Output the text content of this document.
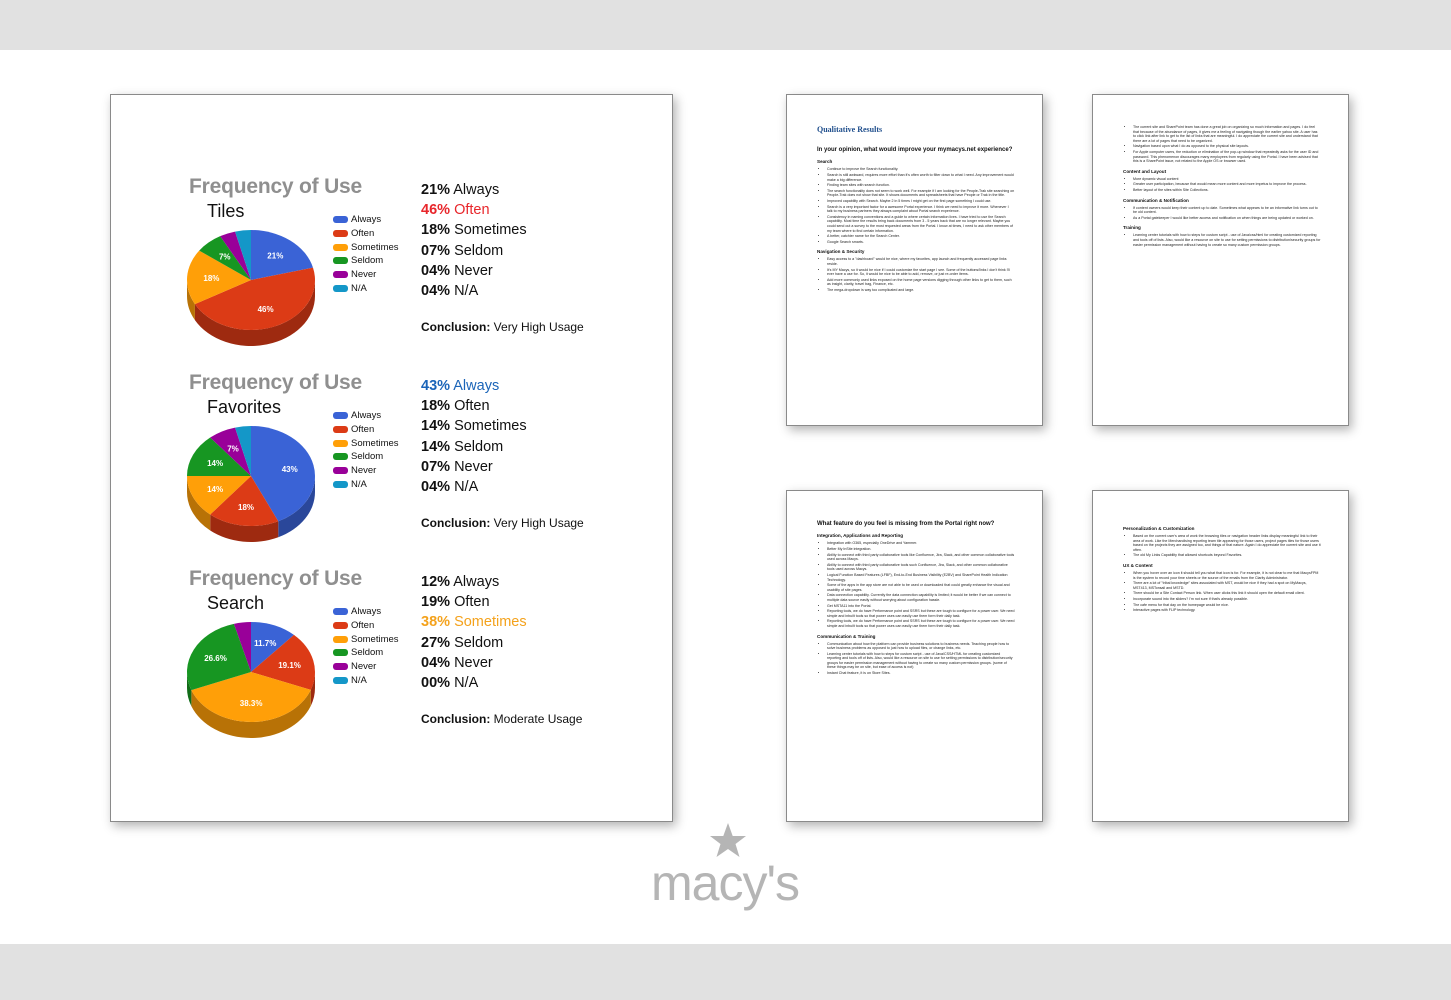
Frequency of Use
Tiles
21%
46%
18%
7%
Always
Often
Sometimes
Seldom
Never
N/A
21% Always
46% Often
18% Sometimes
07% Seldom
04% Never
04% N/A
Conclusion: Very High Usage
Frequency of Use
Favorites
43%
18%
14%
14%
7%
Always
Often
Sometimes
Seldom
Never
N/A
43% Always
18% Often
14% Sometimes
14% Seldom
07% Never
04% N/A
Conclusion: Very High Usage
Frequency of Use
Search
11.7%
19.1%
38.3%
26.6%
Always
Often
Sometimes
Seldom
Never
N/A
12% Always
19% Often
38% Sometimes
27% Seldom
04% Never
00% N/A
Conclusion: Moderate Usage
Qualitative Results
In your opinion, what would improve your mymacys.net experience?
Search
• Continue to improve the Search functionality.
• Search is still awkward, requires more effort than it's often worth to filter down to what I need. Any improvement would make a big difference.
• Finding team sites with search function.
• The search functionality does not seem to work well. For example if I am looking for the People-Trak site searching on People-Trak does not show that site. It shows documents and spreadsheets that have People or Trak in the title.
• Improved capability with Search. Maybe 2 in 5 times I might get on the first page something I could use.
• Search is a very important factor for a awesome Portal experience. I think we need to improve it more. Whenever I talk to my business partners they always complaint about Portal search experience.
• Consistency in naming conventions and a guide to where certain information lives. I have tried to use the Search capability. Most time the results bring back documents from 3 - 5 years back that are no longer relevant. Maybe you could send out a survey to the most requested areas from the Portal. I know at times, I need to ask other members of my team where to find certain information.
• A better, catchier name for the Search Center.
• Google Search smarts.
Navigation & Security
• Easy access to a "dashboard" would be nice, where my favorites, app launch and frequently accessed page links reside.
• It's MY Macys, so it would be nice if I could customize the start page I see. Some of the buttons/links I don't think I'll ever have a use for. So, it would be nice to be able to add, remove, or just re-order items.
• Add more commonly used links exposed on the home page versions digging through other links to get to them, such as insight, clarity, travel bag, Finance, etc.
• The mega-dropdown is way too complicated and large.
• The current site and SharePoint team has done a great job on organizing so much information and pages. I do feel that because of the abundance of pages, it gives me a feeling of navigating though the earlier yahoo site. A user has to click link after link to get to the list of links that are meaningful. I do appreciate the current site and understand that there are a lot of pages that need to be organized.
• Navigation based upon what I do as opposed to the physical site layouts.
• For Apple computer users, the reduction or elimination of the pop-up window that repeatedly asks for the user ID and password. This phenomenon discourages many employees from regularly using the Portal. I have been advised that this is a SharePoint issue, not related to the Apple OS or browser used.
Content and Layout
• More dynamic visual content
• Greater user participation, because that would mean more content and more impetus to improve the process.
• Better layout of the sites within Site Collections.
Communication & Notification
• If content owners would keep their content up to date. Sometimes what appears to be an informative link turns out to be old content.
• As a Portal gatekeeper I would like better access and notification on when things are being updated or worked on.
Training
• Learning center tutorials with how to steps for custom script - use of Java/css/html for creating customized reporting and tools off of lists. Also, would like a resource on site to use for setting permissions to distribution/security groups for easier permission management without having to create so many custom permission groups.
What feature do you feel is missing from the Portal right now?
Integration, Applications and Reporting
• Integration with O365, especially OneDrive and Yammer.
• Better My InSite integration.
• Ability to connect with third party collaborative tools like Confluence, Jira, Slack, and other common collaborative tools used across Macys.
• Ability to connect with third party collaborative tools such Confluence, Jira, Slack, and other common collaborative tools used across Macys.
• Logical Function Based Features (LFBF), End-to-End Business Visibility (E2BV) and SharePoint Health Indication Technology.
• Some of the apps in the app store are not able to be used or downloaded that could greatly enhance the visual and usability of site pages.
• Data connection capability. Currently the data connection capability is limited; it would be better if we can connect to multiple data source easily without worrying about configuration hassle.
• Get MSTA11 into the Portal.
• Reporting tools, we do have Performance point and SSRS but these are tough to configure for a power user. We need simple and inbuilt tools so that power uses can easily use them form their daily task.
• Reporting tools, we do have Performance point and SSRS but these are tough to configure for a power user. We need simple and inbuilt tools so that power uses can easily use them form their daily task.
Communication & Training
• Communication about how the platform can provide business solutions to business needs. Teaching people how to solve business problems as opposed to just how to upload files, or change links, etc.
• Learning center tutorials with how to steps for custom script - use of Java/CSS/HTML for creating customized reporting and tools off of lists. Also, would like a resource on site to use for setting permissions to distribution/security groups for easier permission management without having to create so many custom permission groups. (some of these things may be on site, but ease of access is not)
• Instant Chat feature, it is on Store Sites.
Personalization & Customization
• Based on the current user's area of work the browsing tiles or navigation header links display meaningful link to their area of work. Like the Merchandising reporting team tile appearing for those users, project pages tiles for those users based on the projects they are assigned too, and things of that nature. Again I do appreciate the current site and use it often.
• The old My Links Capability that allowed shortcuts beyond Favorites.
UX & Content
• When you hover over an icon it should tell you what that icon is for. For example, it is not clear to me that MacysFPM is the system to record your time sheets or the source of the emails from the Clarity Administrator.
• There are a lot of "tribal knowledge" sites associated with MST, would be nice if they had a spot on MyMacys, MST413, MSTonsail and MSTD.
• There should be a Site Contact Person link. When user clicks this link it should open the default email client.
• Incorporate sound into the sliders? I'm not sure if that's already possible.
• The cafe menu for that day on the homepage would be nice.
• Interactive pages with FLIP technology.
macy's
